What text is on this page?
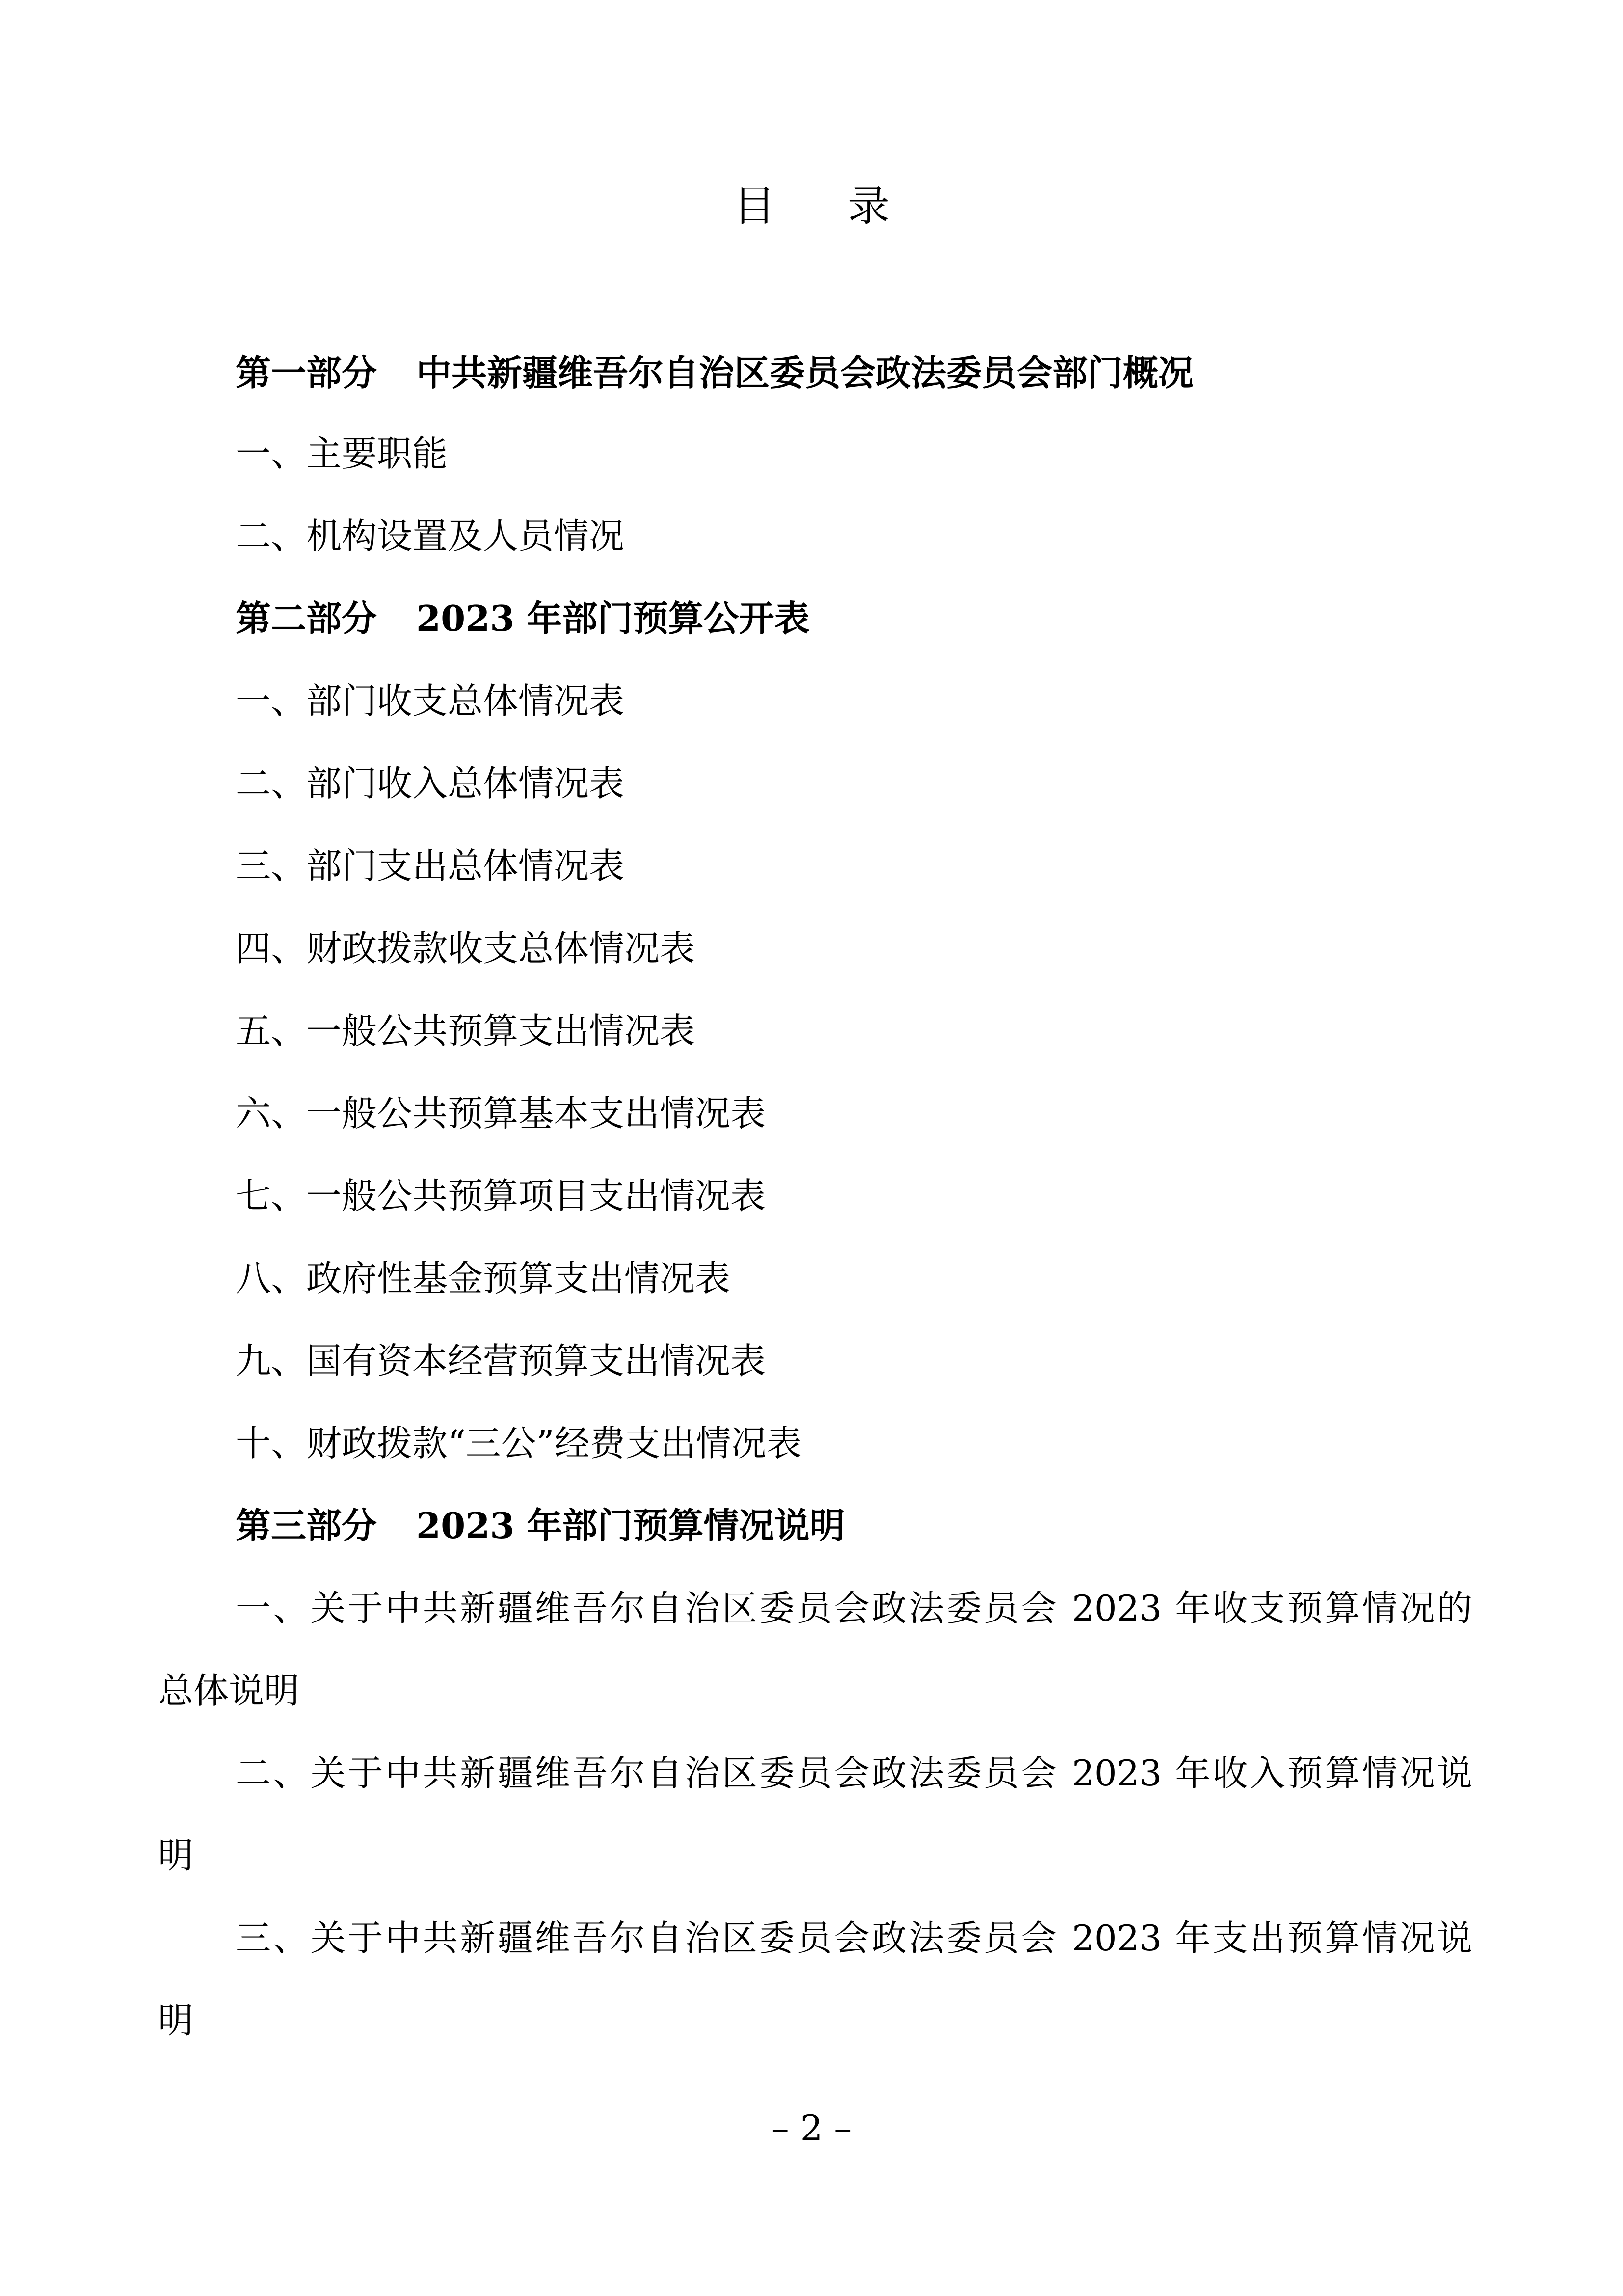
目 录
第一部分 中共新疆维吾尔自治区委员会政法委员会部门概况
一、主要职能
二、机构设置及人员情况
第二部分 2023 年部门预算公开表
一、部门收支总体情况表
二、部门收入总体情况表
三、部门支出总体情况表
四、财政拨款收支总体情况表
五、一般公共预算支出情况表
六、一般公共预算基本支出情况表
七、一般公共预算项目支出情况表
八、政府性基金预算支出情况表
九、国有资本经营预算支出情况表
十、财政拨款“三公”经费支出情况表
第三部分 2023 年部门预算情况说明
一、关于中共新疆维吾尔自治区委员会政法委员会 2023 年收支预算情况的
总体说明
二、关于中共新疆维吾尔自治区委员会政法委员会 2023 年收入预算情况说
明
三、关于中共新疆维吾尔自治区委员会政法委员会 2023 年支出预算情况说
明
– 2 –
